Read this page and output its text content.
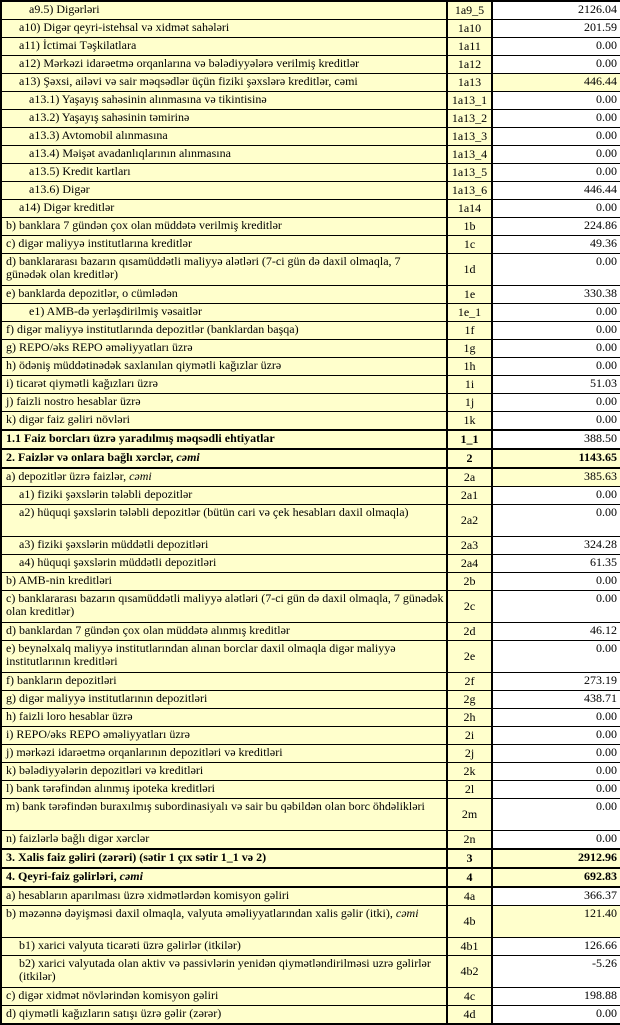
a9.5) Digərləri	1a9_5	2126.04
a10) Digər qeyri-istehsal və xidmət sahələri	1a10	201.59
a11) İctimai Təşkilatlara	1a11	0.00
a12) Mərkəzi idarəetmə orqanlarına və bələdiyyələrə verilmiş kreditlər	1a12	0.00
a13) Şəxsi, ailəvi və sair məqsədlər üçün fiziki şəxslərə kreditlər, cəmi	1a13	446.44
a13.1) Yaşayış sahəsinin alınmasına və tikintisinə	1a13_1	0.00
a13.2) Yaşayış sahəsinin təmirinə	1a13_2	0.00
a13.3) Avtomobil alınmasına	1a13_3	0.00
a13.4) Məişət avadanlıqlarının alınmasına	1a13_4	0.00
a13.5) Kredit kartları	1a13_5	0.00
a13.6) Digər	1a13_6	446.44
a14) Digər kreditlər	1a14	0.00
b) banklara 7 gündən çox olan müddətə verilmiş kreditlər	1b	224.86
c) digər maliyyə institutlarına kreditlər	1c	49.36
d) banklararası bazarın qısamüddətli maliyyə alətləri (7-ci gün də daxil olmaqla, 7 günədək olan kreditlər)	1d	0.00
e) banklarda depozitlər, o cümlədən	1e	330.38
e1) AMB-də yerləşdirilmiş vəsaitlər	1e_1	0.00
f) digər maliyyə institutlarında depozitlər (banklardan başqa)	1f	0.00
g) REPO/əks REPO əməliyyatları üzrə	1g	0.00
h) ödəniş müddətinədək saxlanılan qiymətli kağızlar üzrə	1h	0.00
i) ticarət qiymətli kağızları üzrə	1i	51.03
j) faizli nostro hesablar üzrə	1j	0.00
k) digər faiz gəliri növləri	1k	0.00
1.1 Faiz borcları üzrə yaradılmış məqsədli ehtiyatlar	1_1	388.50
2. Faizlər və onlara bağlı xərclər, cəmi	2	1143.65
a) depozitlər üzrə faizlər, cəmi	2a	385.63
a1) fiziki şəxslərin tələbli depozitlər	2a1	0.00
a2) hüquqi şəxslərin tələbli depozitlər (bütün cari və çek hesabları daxil olmaqla)	2a2	0.00
a3) fiziki şəxslərin müddətli depozitləri	2a3	324.28
a4) hüquqi şəxslərin müddətli depozitləri	2a4	61.35
b) AMB-nin kreditləri	2b	0.00
c) banklararası bazarın qısamüddətli maliyyə alətləri (7-ci gün də daxil olmaqla, 7 günədək olan kreditlər)	2c	0.00
d) banklardan 7 gündən çox olan müddətə alınmış kreditlər	2d	46.12
e) beynəlxalq maliyyə institutlarından alınan borclar daxil olmaqla digər maliyyə institutlarının kreditləri	2e	0.00
f) bankların depozitləri	2f	273.19
g) digər maliyyə institutlarının depozitləri	2g	438.71
h) faizli loro hesablar üzrə	2h	0.00
i) REPO/əks REPO əməliyyatları üzrə	2i	0.00
j) mərkəzi idarəetmə orqanlarının depozitləri və kreditləri	2j	0.00
k) bələdiyyələrin depozitləri və kreditləri	2k	0.00
l) bank tərəfindən alınmış ipoteka kreditləri	2l	0.00
m) bank tərəfindən buraxılmış subordinasiyalı və sair bu qəbildən olan borc öhdəlikləri	2m	0.00
n) faizlərlə bağlı digər xərclər	2n	0.00
3. Xalis faiz gəliri (zərəri) (sətir 1 çıx sətir 1_1 və 2)	3	2912.96
4. Qeyri-faiz gəlirləri, cəmi	4	692.83
a) hesabların aparılması üzrə xidmətlərdən komisyon gəliri	4a	366.37
b) məzənnə dəyişməsi daxil olmaqla, valyuta əməliyyatlarından xalis gəlir (itki), cəmi	4b	121.40
b1) xarici valyuta ticarəti üzrə gəlirlər (itkilər)	4b1	126.66
b2) xarici valyutada olan aktiv və passivlərin yenidən qiymətləndirilməsi uzrə gəlirlər (itkilər)	4b2	-5.26
c) digər xidmət növlərindən komisyon gəliri	4c	198.88
d) qiymətli kağızların satışı üzrə gəlir (zərər)	4d	0.00
